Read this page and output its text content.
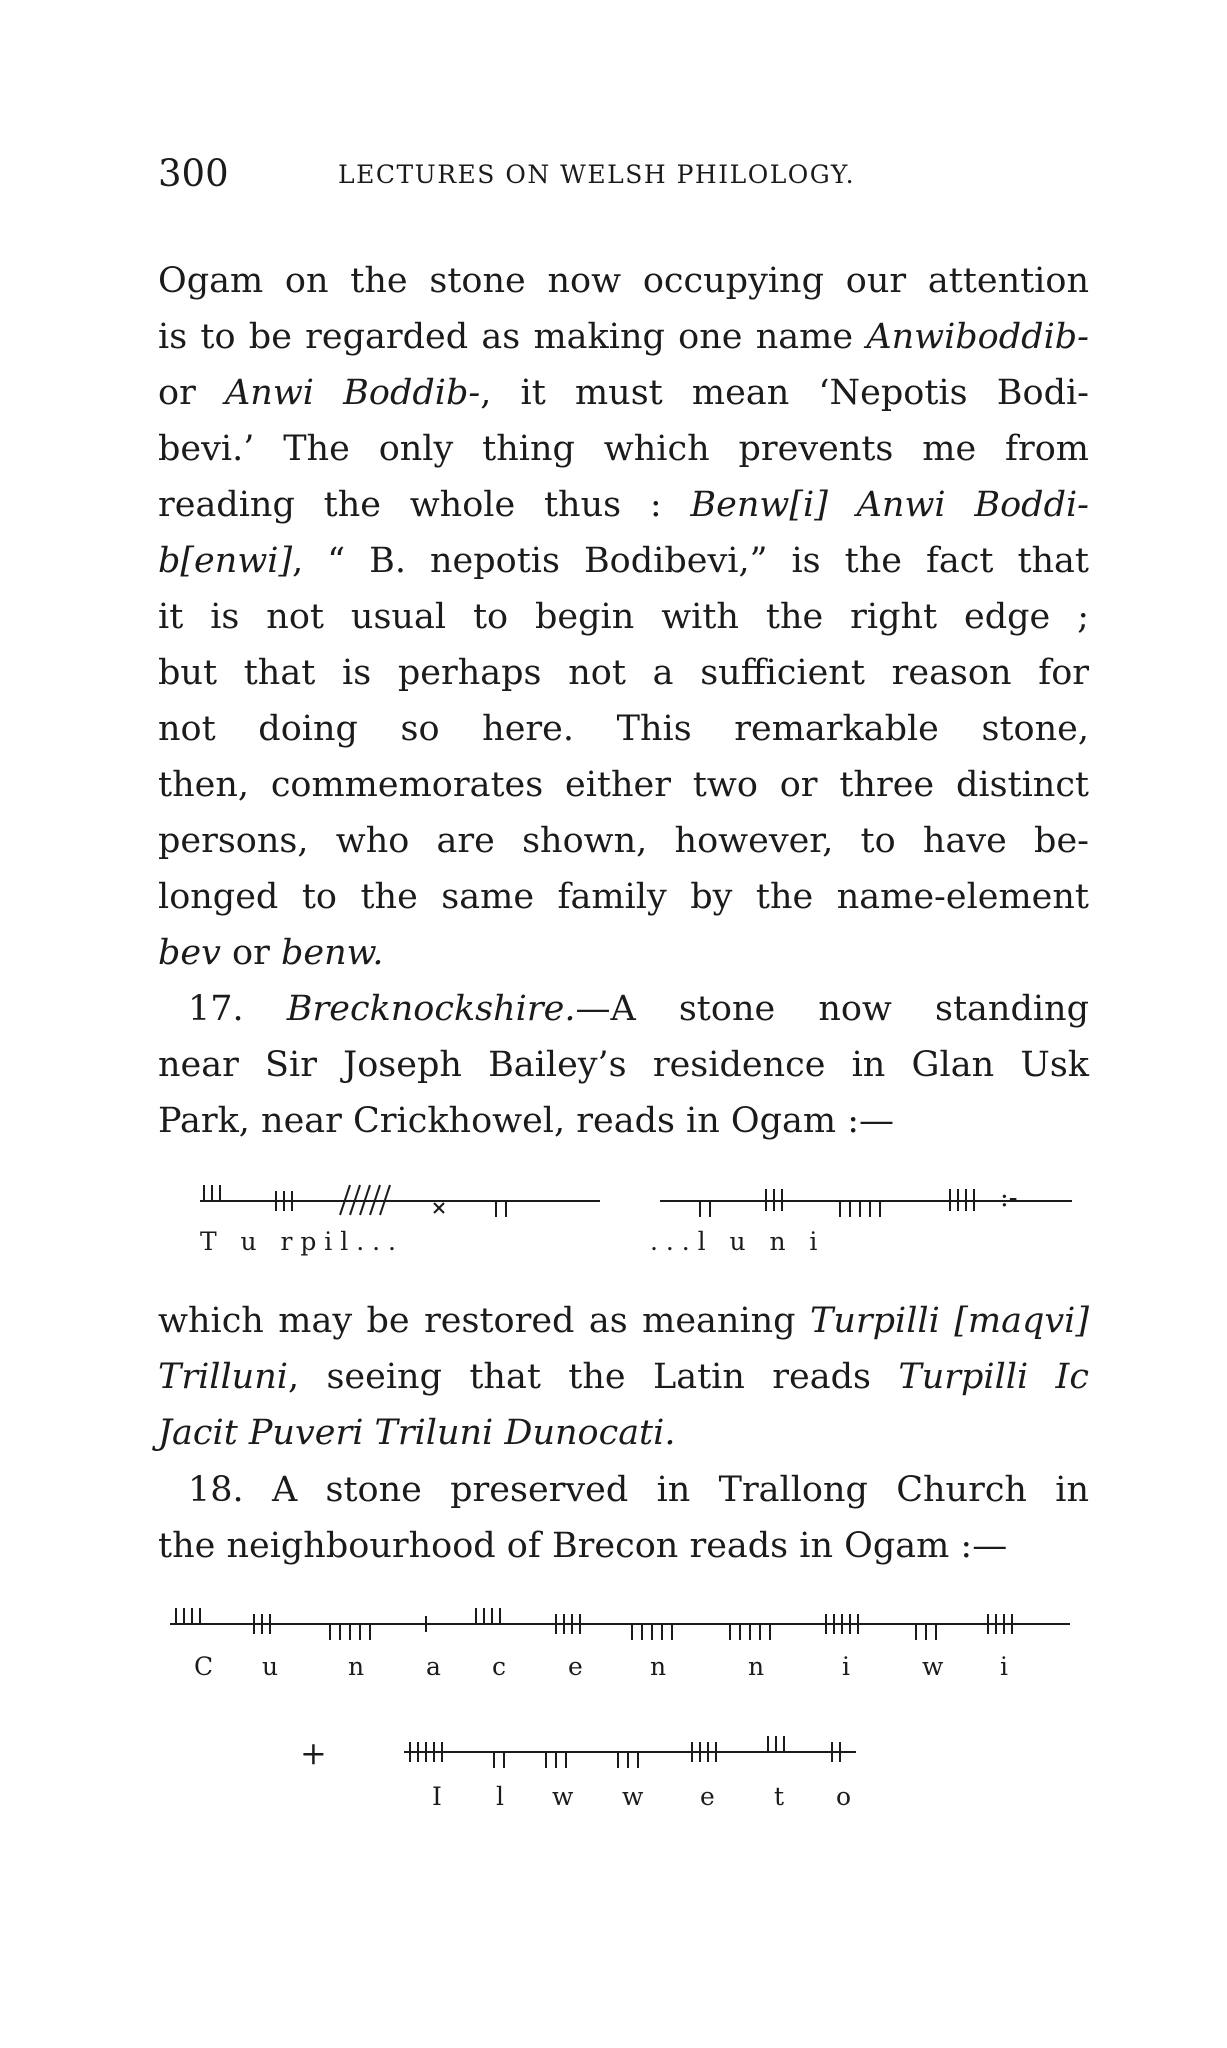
300	LECTURES ON WELSH PHILOLOGY.
Ogam on the stone now occupying our attention
is to be regarded as making one name Anwiboddib-
or Anwi Boddib-, it must mean ‘Nepotis Bodi-
bevi.’ The only thing which prevents me from
reading the whole thus : Benw[i] Anwi Boddi-
b[enwi], “ B. nepotis Bodibevi,” is the fact that
it is not usual to begin with the right edge ;
but that is perhaps not a sufficient reason for
not doing so here. This remarkable stone,
then, commemorates either two or three distinct
persons, who are shown, however, to have be-
longed to the same family by the name-element
bev or benw.
17. Brecknockshire.—A stone now standing
near Sir Joseph Bailey’s residence in Glan Usk
Park, near Crickhowel, reads in Ogam :—
:-
T   u   r p i l . . .	. . . l   u   n   i
which may be restored as meaning Turpilli [maqvi]
Trilluni, seeing that the Latin reads Turpilli Ic
Jacit Puveri Triluni Dunocati.
18. A stone preserved in Trallong Church in
the neighbourhood of Brecon reads in Ogam :—
C u	n a c e	n	n	i	w i
+
I l w w e t o
